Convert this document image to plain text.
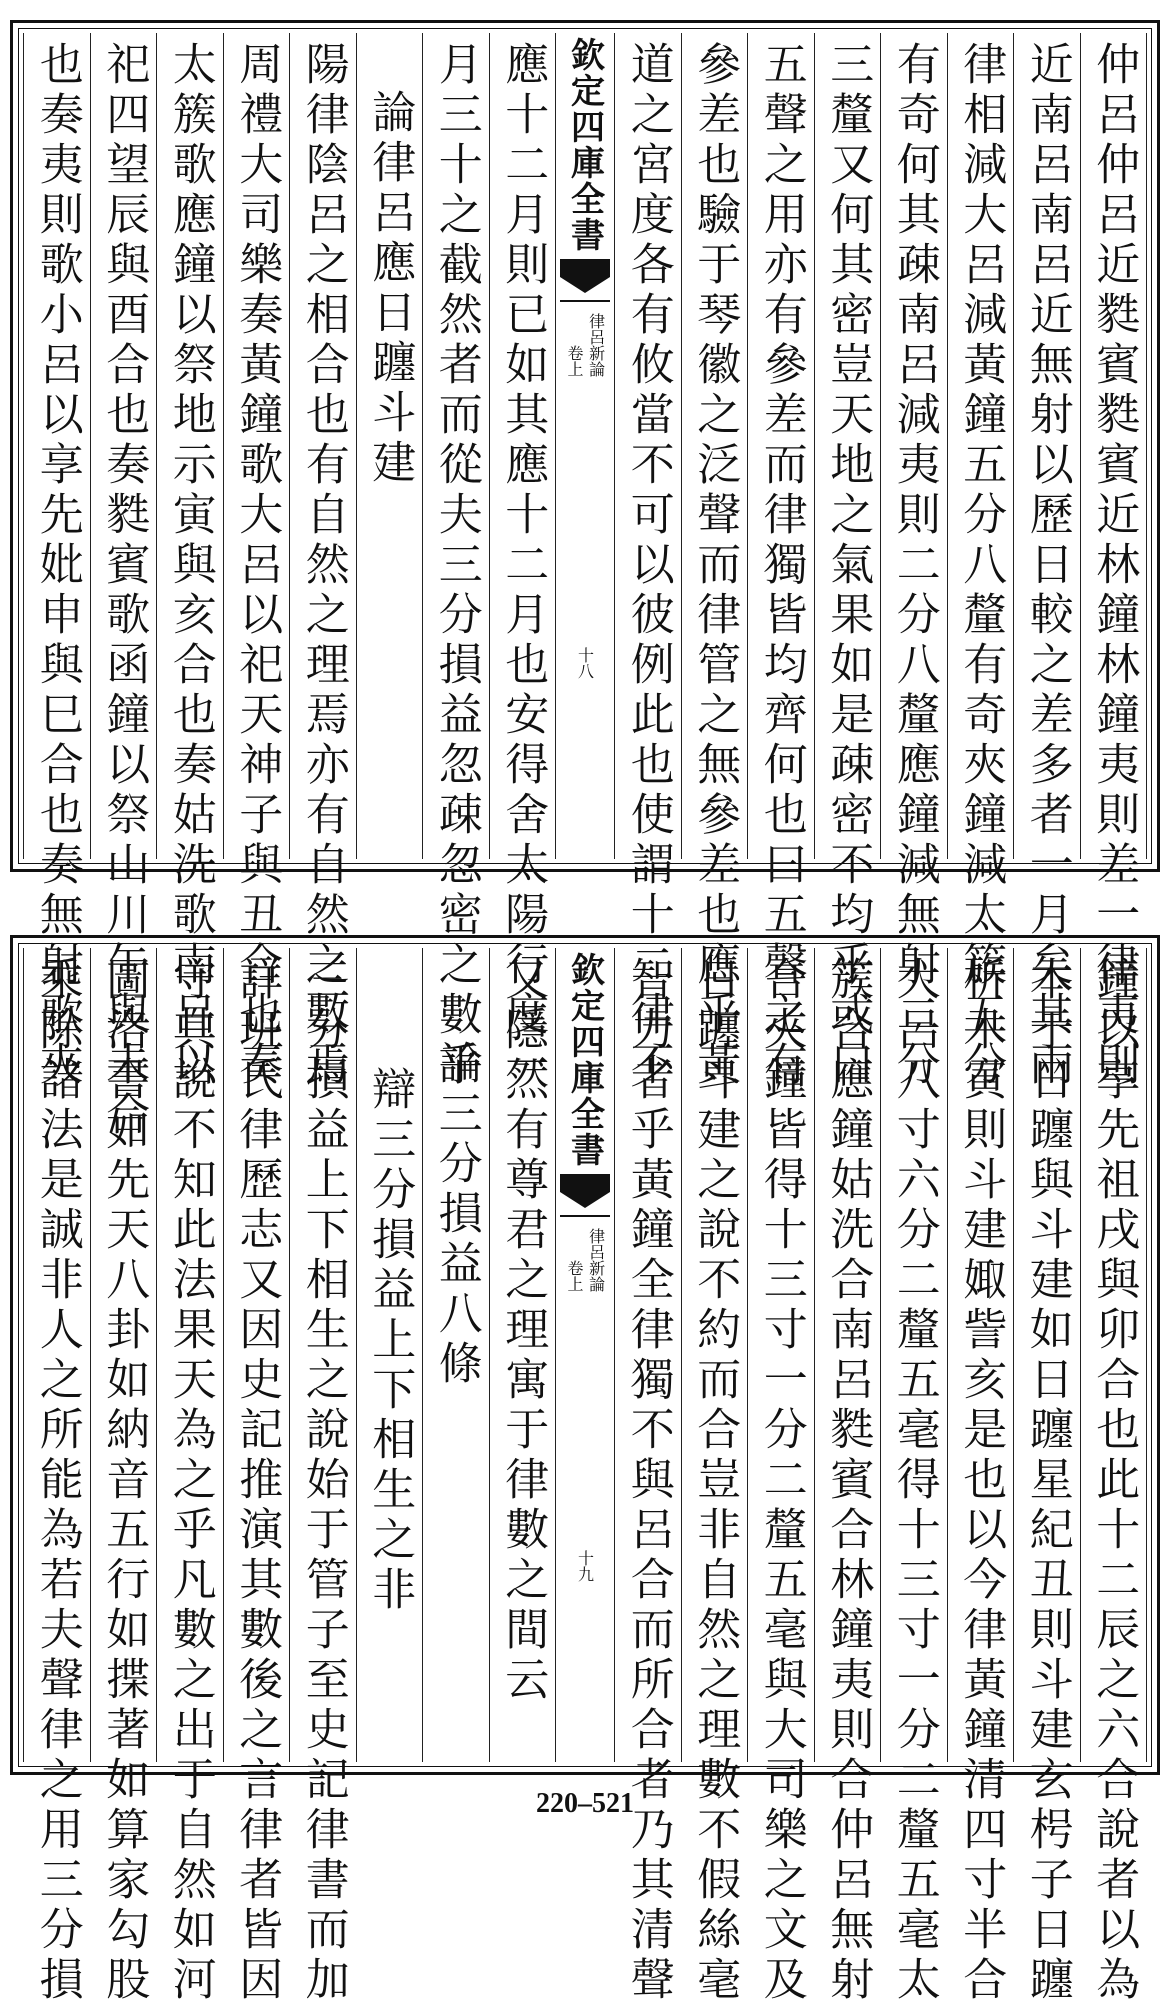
仲呂仲呂近㽔賓㽔賓近林鐘林鐘夷則差一律夷則
近南呂南呂近無射以歷日較之差多者一月矣其兩
律相減大呂減黃鐘五分八釐有奇夾鐘減太簇五分
有奇何其疎南呂減夷則二分八釐應鐘減無射二分
三釐又何其密豈天地之氣果如是疎密不均乎或曰
五聲之用亦有參差而律獨皆均齊何也曰五聲之有
參差也驗于琴徽之泛聲而律管之無參差也應乎黃
道之宮度各有攸當不可以彼例此也使謂十二律不
欽定四庫全書
律呂新論
卷上
十八
應十二月則已如其應十二月也安得舍太陽行度一
月三十之截然者而從夫三分損益忽疎忽密之數乎
論律呂應日躔斗建
陽律陰呂之相合也有自然之理焉亦有自然之數焉
周禮大司樂奏黃鐘歌大呂以祀天神子與丑合也奏
太簇歌應鐘以祭地示寅與亥合也奏姑洗歌南呂以
祀四望辰與酉合也奏㽔賓歌函鐘以祭山川午與未合
也奏夷則歌小呂以享先妣申與巳合也奏無射歌夾
鐘以享先祖戌與卯合也此十二辰之六合說者以為
本于日躔與斗建如日躔星紀丑則斗建玄枵子日躔
析木寅則斗建娵訾亥是也以今律黃鐘清四寸半合
大呂八寸六分二釐五毫得十三寸一分二釐五毫太
簇合應鐘姑洗合南呂㽔賓合林鐘夷則合仲呂無射
合夾鐘皆得十三寸一分二釐五毫與大司樂之文及
日躔斗建之說不約而合豈非自然之理數不假絲毫
智力者乎黃鐘全律獨不與呂合而所合者乃其清聲
欽定四庫全書
律呂新論
卷上
十九
又隱然有尊君之理寓于律數之間云
論三分損益八條
辯三分損益上下相生之非
三分損益上下相生之說始于管子至史記律書而加
詳班氏律歷志又因史記推演其數後之言律者皆因
守其說不知此法果天為之乎凡數之出于自然如河
圖洛書如先天八卦如納音五行如揲著如算家勾股
乘除諸法是誠非人之所能為若夫聲律之用三分損	220–521
